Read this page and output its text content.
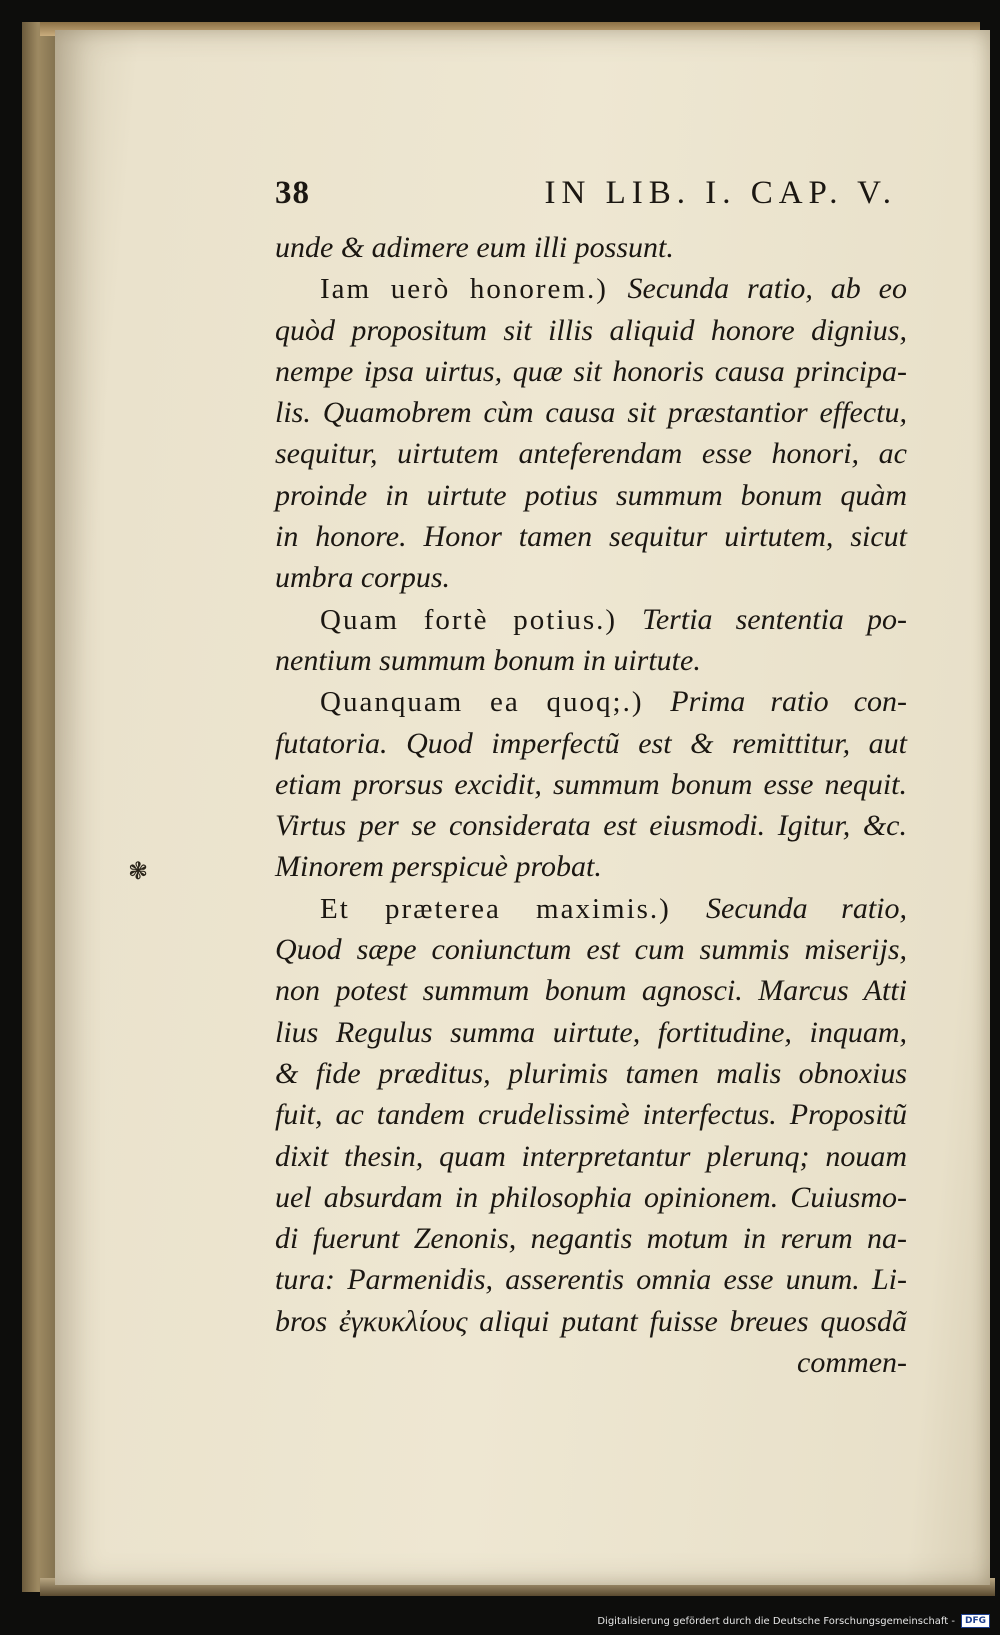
❃
38	IN LIB. I. CAP. V.
unde & adimere eum illi possunt.
Iam uerò honorem.) Secunda ratio, ab eo
quòd propositum sit illis aliquid honore dignius,
nempe ipsa uirtus, quæ sit honoris causa principa-
lis. Quamobrem cùm causa sit præstantior effectu,
sequitur, uirtutem anteferendam esse honori, ac
proinde in uirtute potius summum bonum quàm
in honore. Honor tamen sequitur uirtutem, sicut
umbra corpus.
Quam fortè potius.) Tertia sententia po-
nentium summum bonum in uirtute.
Quanquam ea quoq;.) Prima ratio con-
futatoria. Quod imperfectũ est & remittitur, aut
etiam prorsus excidit, summum bonum esse nequit.
Virtus per se considerata est eiusmodi. Igitur, &c.
Minorem perspicuè probat.
Et præterea maximis.) Secunda ratio,
Quod sæpe coniunctum est cum summis miserijs,
non potest summum bonum agnosci. Marcus Atti
lius Regulus summa uirtute, fortitudine, inquam,
& fide præditus, plurimis tamen malis obnoxius
fuit, ac tandem crudelissimè interfectus. Propositũ
dixit thesin, quam interpretantur plerunq; nouam
uel absurdam in philosophia opinionem. Cuiusmo-
di fuerunt Zenonis, negantis motum in rerum na-
tura: Parmenidis, asserentis omnia esse unum. Li-
bros ἐγκυκλίους aliqui putant fuisse breues quosdã
commen-
Digitalisierung gefördert durch die Deutsche Forschungsgemeinschaft -	DFG
